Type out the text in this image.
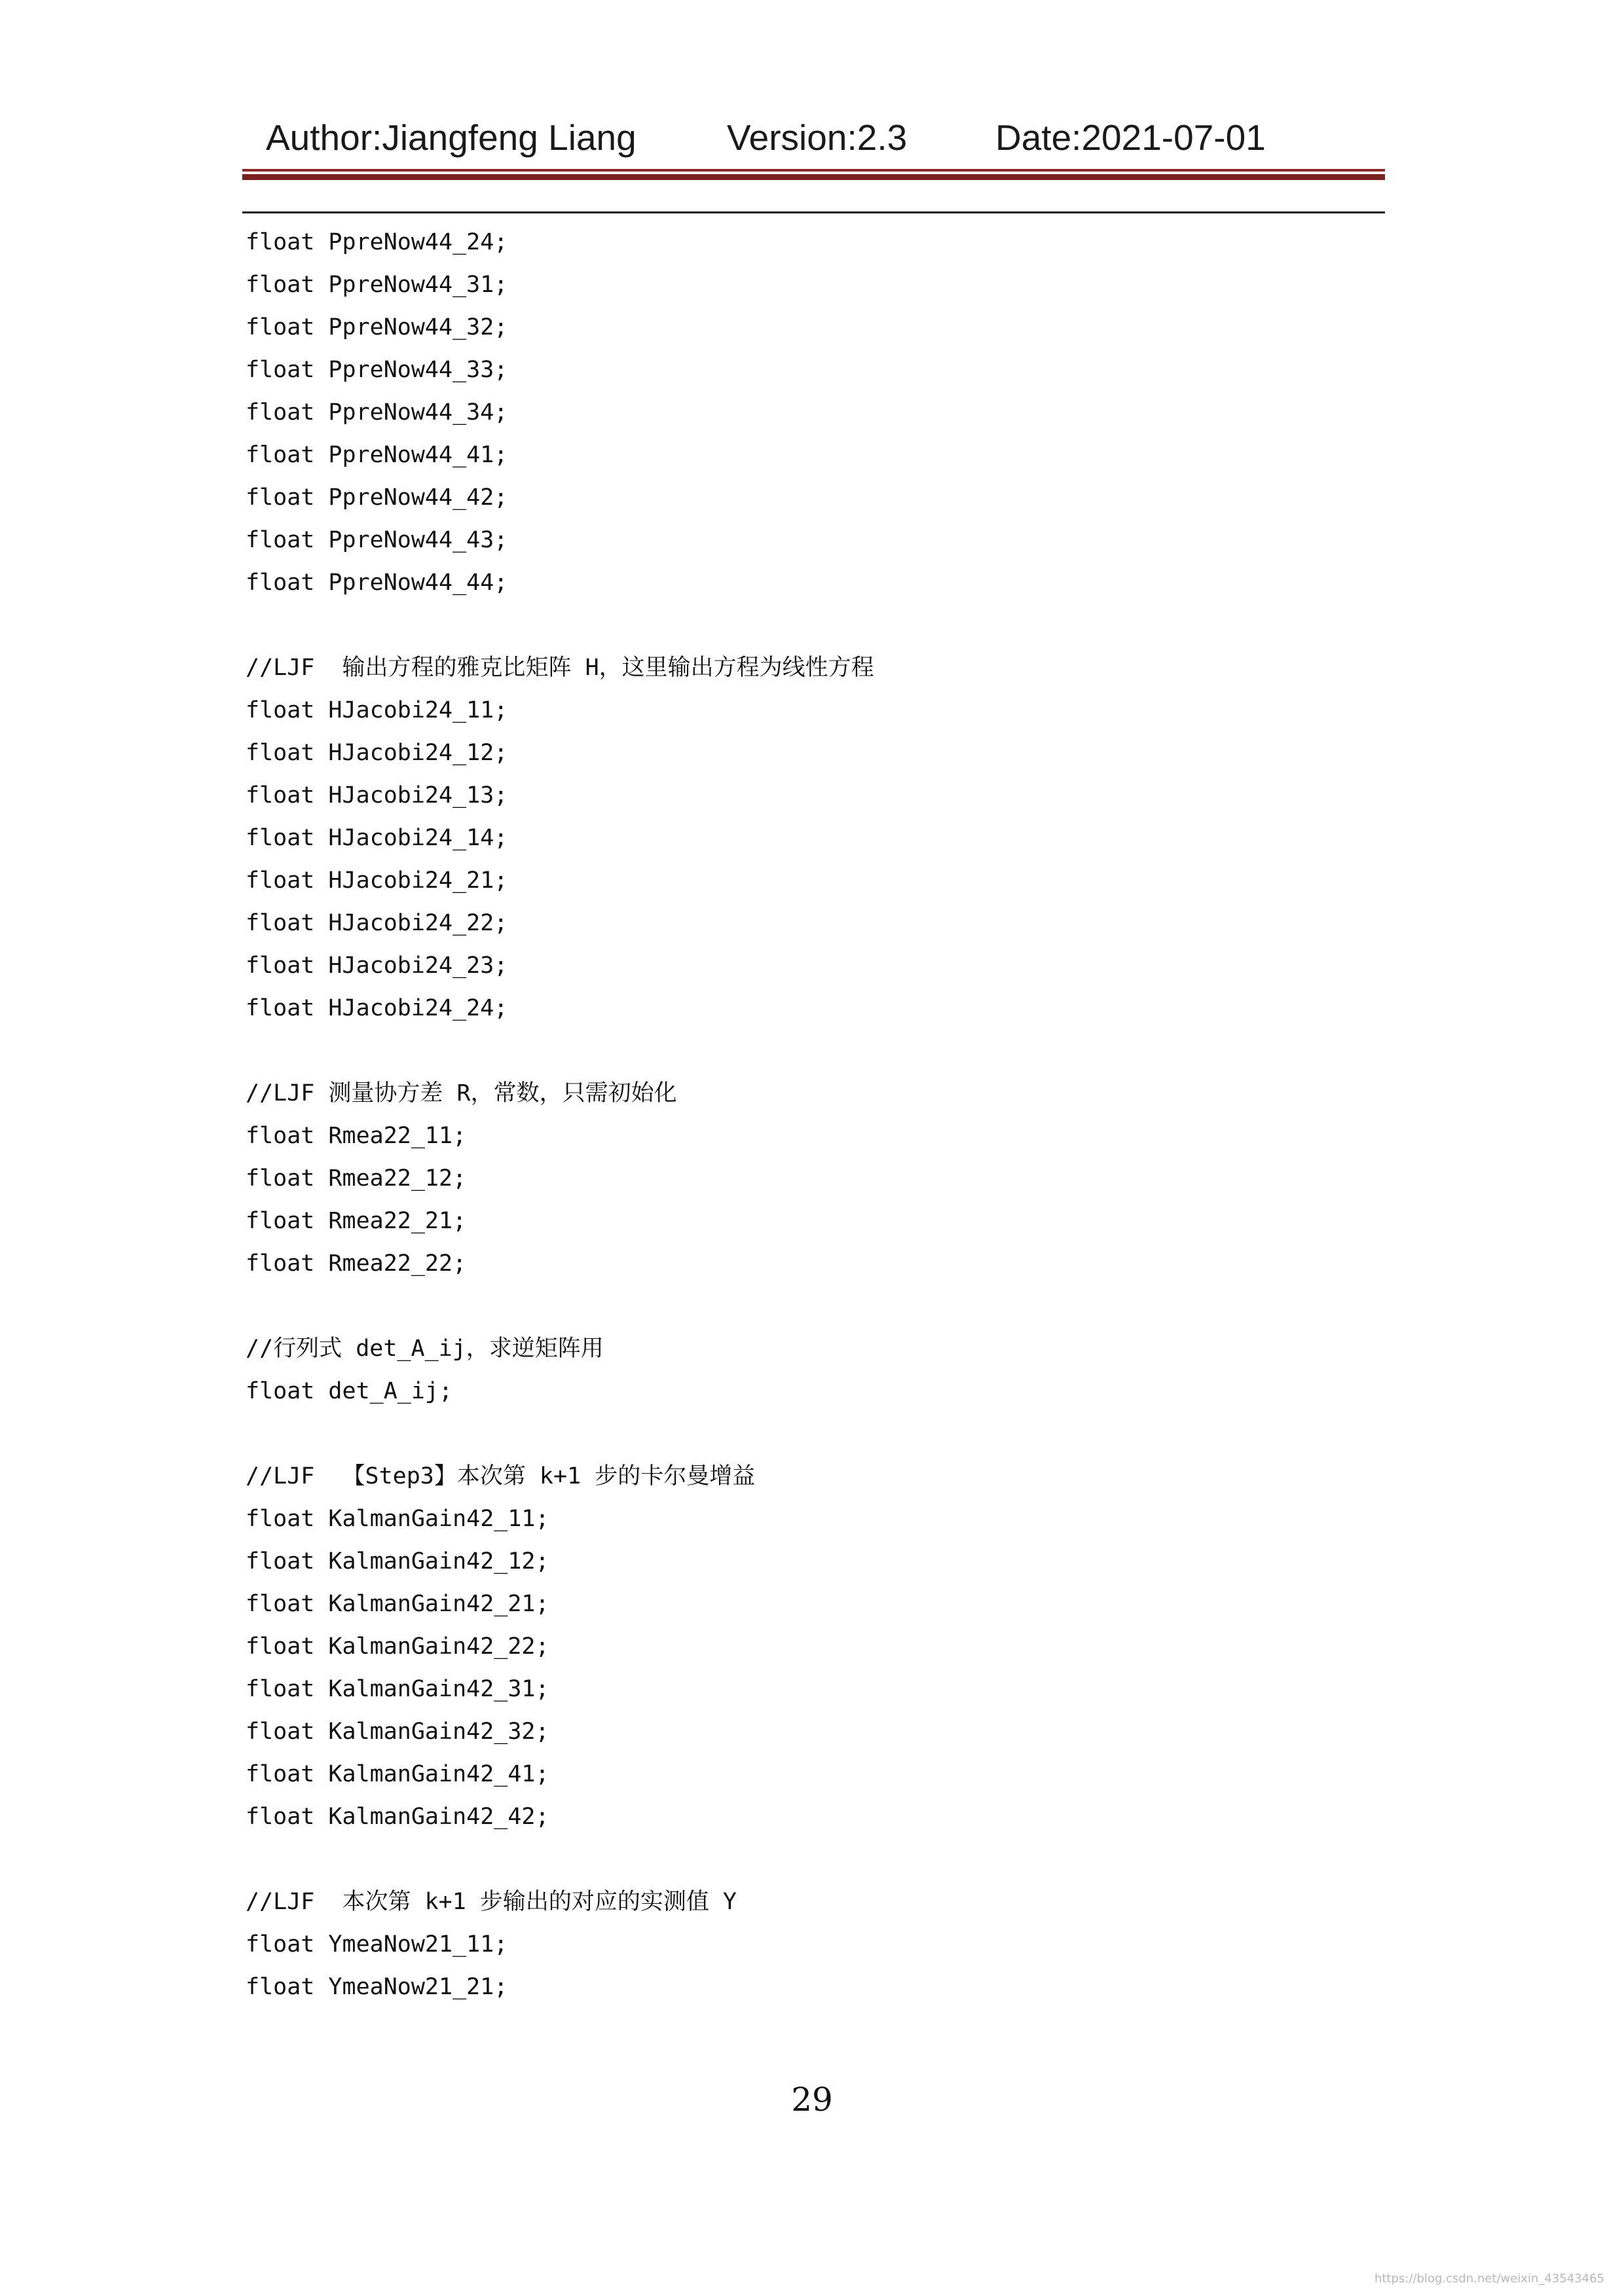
Author:Jiangfeng Liang	Version:2.3 Date:2021-07-01
float PpreNow44_24;
float PpreNow44_31;
float PpreNow44_32;
float PpreNow44_33;
float PpreNow44_34;
float PpreNow44_41;
float PpreNow44_42;
float PpreNow44_43;
float PpreNow44_44;
//LJF  输出方程的雅克比矩阵 H，这里输出方程为线性方程
float HJacobi24_11;
float HJacobi24_12;
float HJacobi24_13;
float HJacobi24_14;
float HJacobi24_21;
float HJacobi24_22;
float HJacobi24_23;
float HJacobi24_24;
//LJF 测量协方差 R，常数，只需初始化
float Rmea22_11;
float Rmea22_12;
float Rmea22_21;
float Rmea22_22;
//行列式 det_A_ij，求逆矩阵用
float det_A_ij;
//LJF  【Step3】本次第 k+1 步的卡尔曼增益
float KalmanGain42_11;
float KalmanGain42_12;
float KalmanGain42_21;
float KalmanGain42_22;
float KalmanGain42_31;
float KalmanGain42_32;
float KalmanGain42_41;
float KalmanGain42_42;
//LJF  本次第 k+1 步输出的对应的实测值 Y
float YmeaNow21_11;
float YmeaNow21_21;
29
https://blog.csdn.net/weixin_43543465
